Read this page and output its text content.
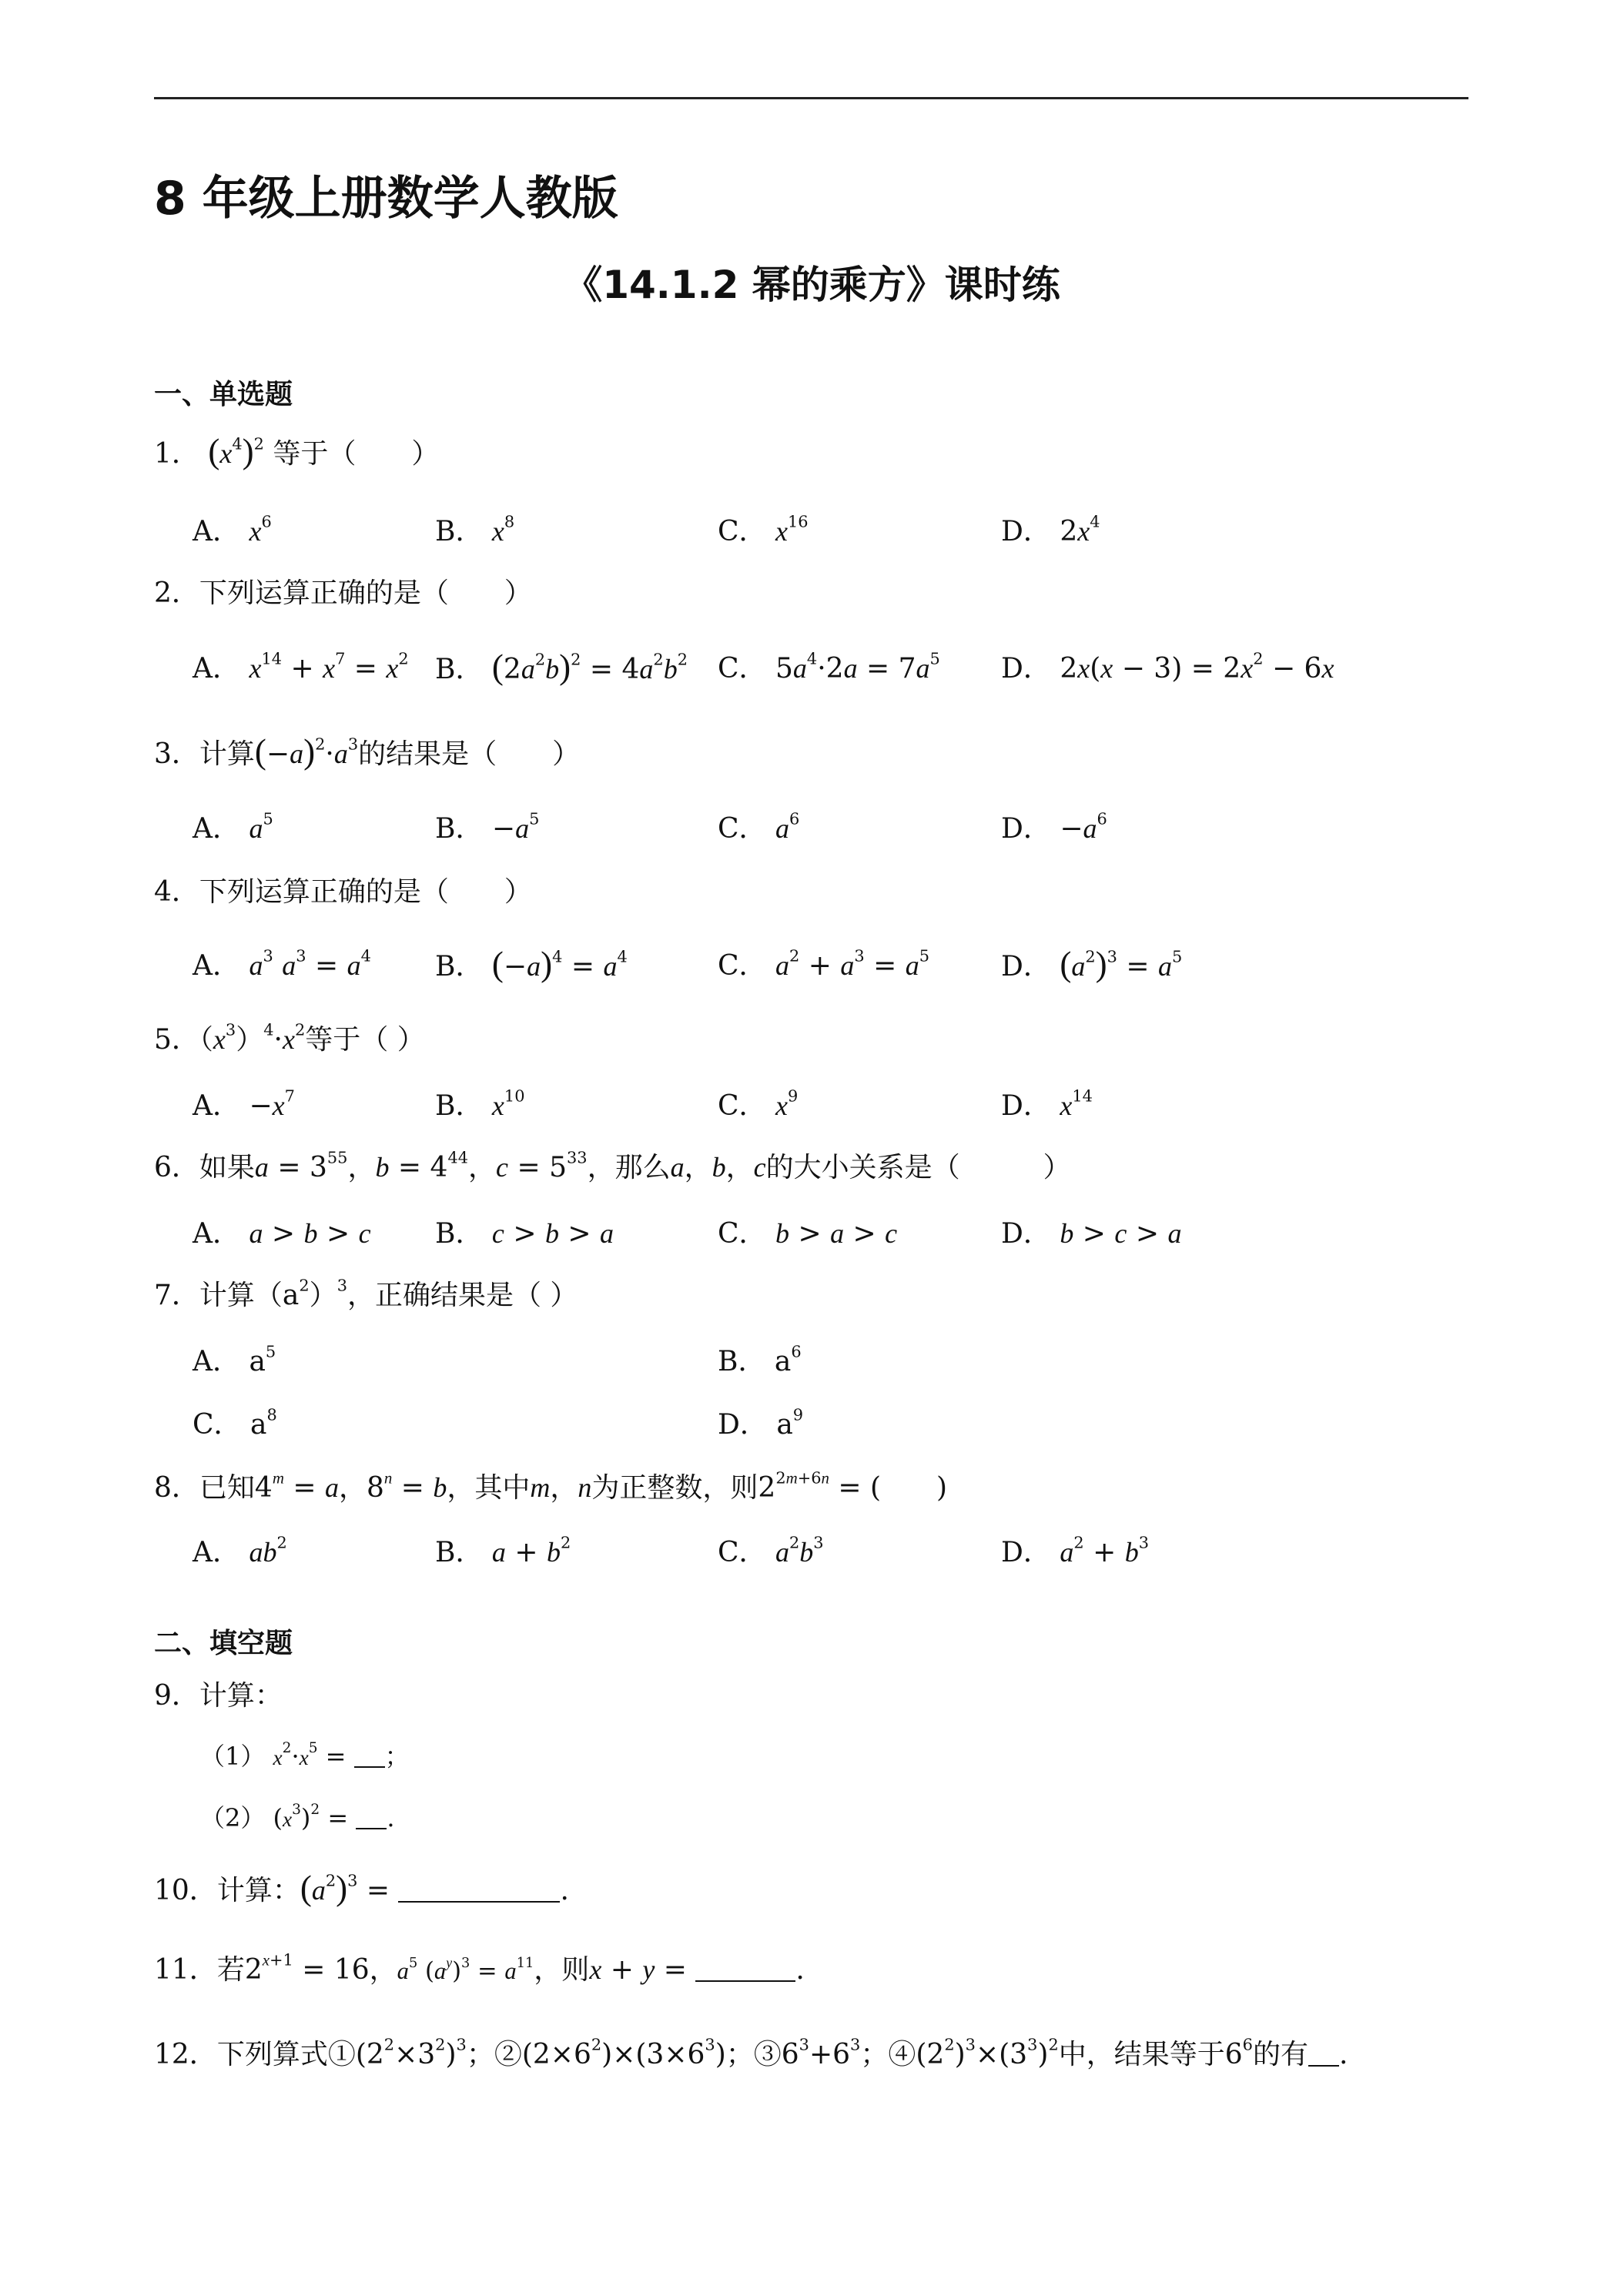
8 年级上册数学人教版
《14.1.2 幂的乘方》课时练
一、单选题
1． $(x^4)^2$ 等于（　　）
A． $x^6$	B． $x^8$	C． $x^{16}$	D． $2x^4$
2．下列运算正确的是（　　）
A． $x^{14} + x^7 = x^2$ B． $(2a^2b)^2 = 4a^2b^2$ C． $5a^4\cdot 2a = 7a^5$ D． $2x(x - 3) = 2x^2 - 6x$
3．计算$(-a)^2\cdot a^3$的结果是（　　）
A． $a^5$	B． $-a^5$	C． $a^6$	D． $-a^6$
4．下列运算正确的是（　　）
A． $a^3$ $a^3 = a^4$ B． $(-a)^4 = a^4$	C． $a^2 + a^3 = a^5$	D． $(a^2)^3 = a^5$
5．$(x^3)^4\cdot x^2$等于（ ）
A． $-x^7$	B． $x^{10}$	C． $x^9$	D． $x^{14}$
6．如果$a = 3^{55}$，$b = 4^{44}$，$c = 5^{33}$，那么a，b，c的大小关系是（　　　）
A． a > b > c B． c > b > a	C． b > a > c	D． b > c > a
7．计算$(a^2)^3$，正确结果是（ ）
A． $a^5$	B． $a^6$
C． $a^8$	D． $a^9$
8．已知$4^m = a$，$8^n = b$，其中m，n为正整数，则$2^{2m+6n}$ = (　　)
A． $ab^2$	B． $a + b^2$	C． $a^2b^3$	D． $a^2 + b^3$
二、填空题
9．计算：
（1） $x^2\cdot x^5$ = ；
（2） $(x^3)^2$ = .
10．计算：$(a^2)^3$ =	.
11．若$2^{x+1} = 16$，$a^5$ $(a^y)^3 = a^{11}$，则x + y =	.
12．下列算式$①(2^2\times 3^2)^3$；$②(2\times 6^2)\times(3\times 6^3)$；$③6^3+6^3$；$④(2^2)^3\times(3^3)^2$中，结果等于$6^6$的有 .
